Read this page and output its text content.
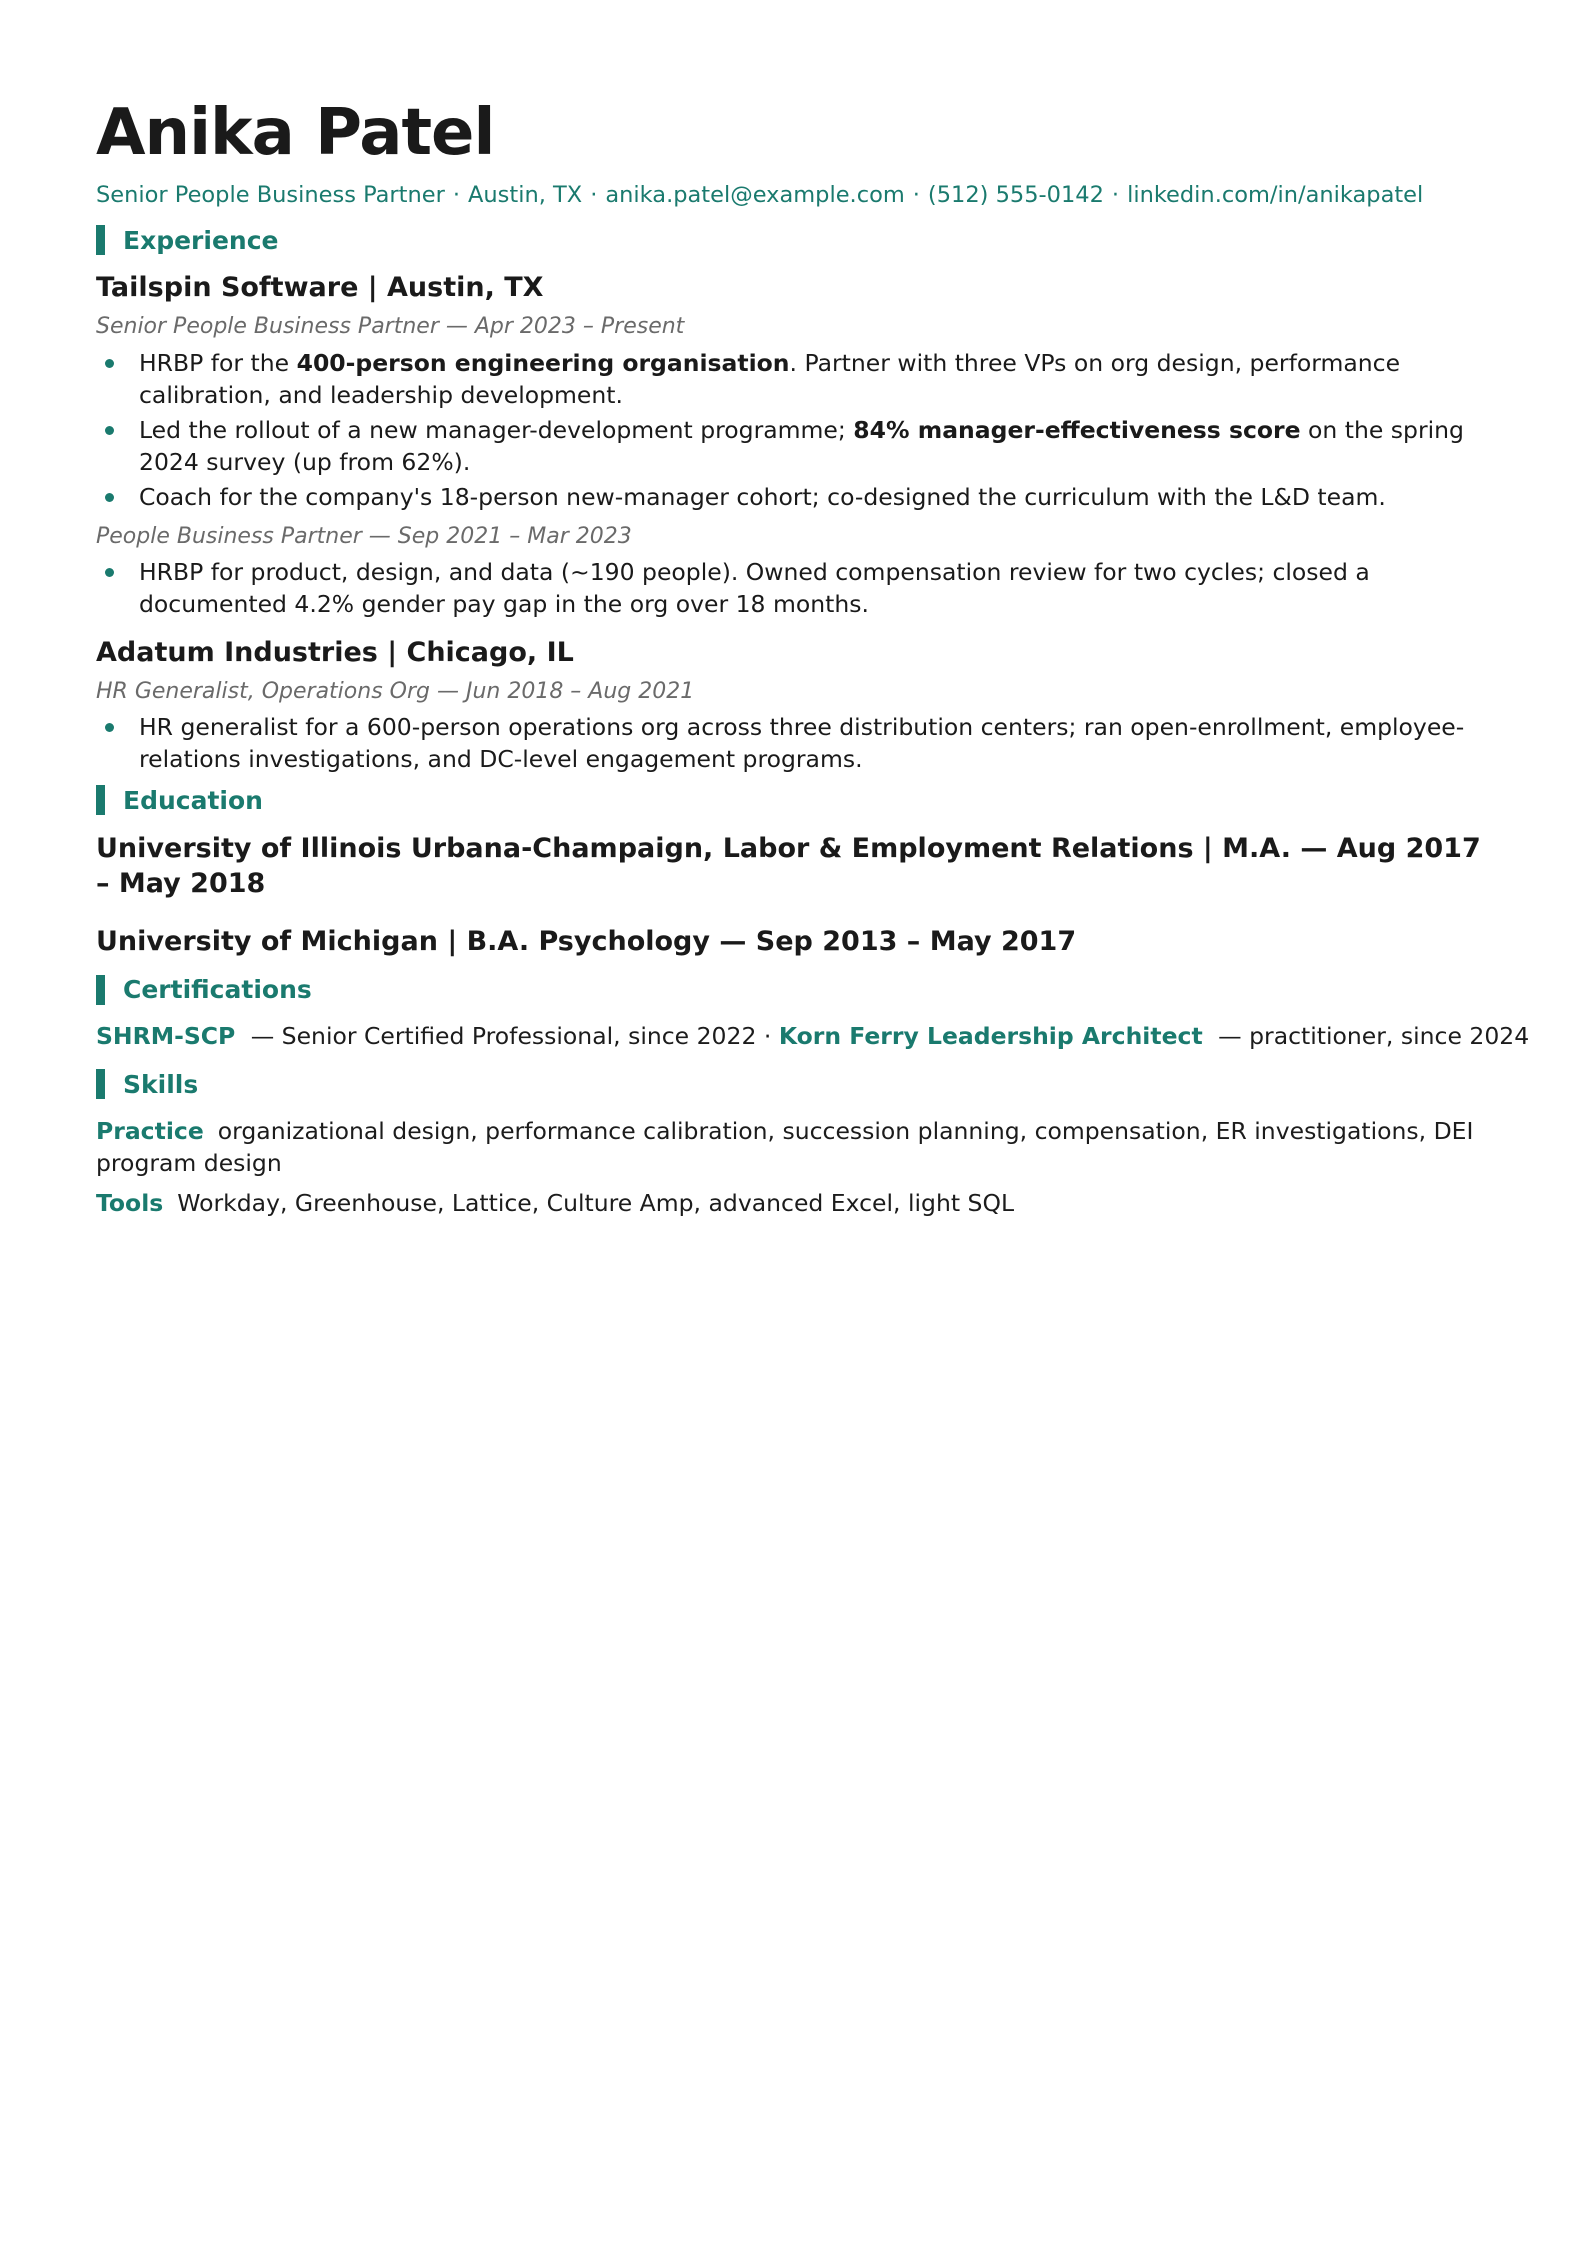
Anika Patel
Senior People Business Partner · Austin, TX · anika.patel@example.com · (512) 555-0142 · linkedin.com/in/anikapatel
Experience
Tailspin Software | Austin, TX
Senior People Business Partner — Apr 2023 – Present
HRBP for the 400-person engineering organisation. Partner with three VPs on org design, performance calibration, and leadership development.
Led the rollout of a new manager-development programme; 84% manager-effectiveness score on the spring 2024 survey (up from 62%).
Coach for the company's 18-person new-manager cohort; co-designed the curriculum with the L&D team.
People Business Partner — Sep 2021 – Mar 2023
HRBP for product, design, and data (~190 people). Owned compensation review for two cycles; closed a documented 4.2% gender pay gap in the org over 18 months.
Adatum Industries | Chicago, IL
HR Generalist, Operations Org — Jun 2018 – Aug 2021
HR generalist for a 600-person operations org across three distribution centers; ran open-enrollment, employee-relations investigations, and DC-level engagement programs.
Education
University of Illinois Urbana-Champaign, Labor & Employment Relations | M.A. — Aug 2017 – May 2018
University of Michigan | B.A. Psychology — Sep 2013 – May 2017
Certifications
SHRM-SCP — Senior Certified Professional, since 2022 · Korn Ferry Leadership Architect — practitioner, since 2024
Skills
Practice organizational design, performance calibration, succession planning, compensation, ER investigations, DEI program design
Tools Workday, Greenhouse, Lattice, Culture Amp, advanced Excel, light SQL
